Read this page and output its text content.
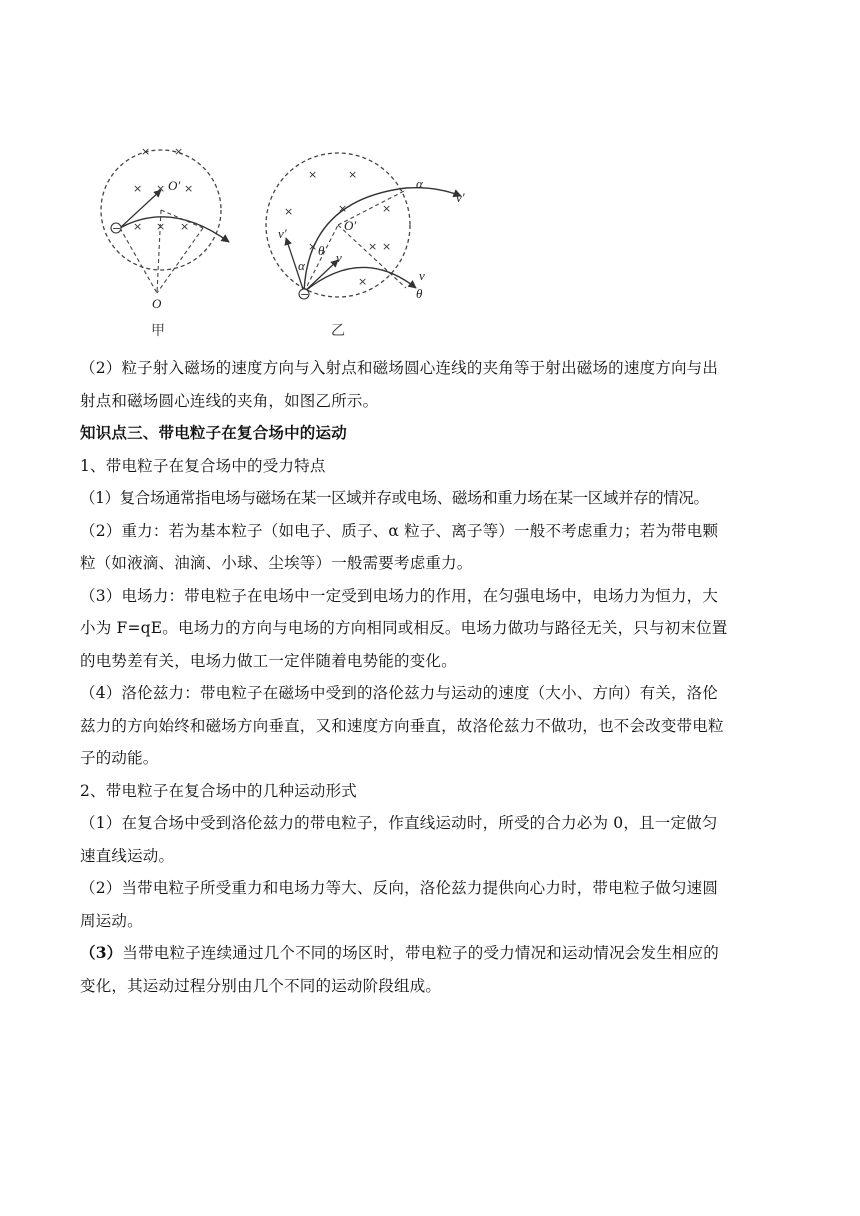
× ×
× × ×
× × ×
−
O′
O
甲
×	×
×	×	×
×	× ×
×
−
O′
α
v′
v′
α
θ v
v
θ
乙
（2）粒子射入磁场的速度方向与入射点和磁场圆心连线的夹角等于射出磁场的速度方向与出
射点和磁场圆心连线的夹角，如图乙所示。
知识点三、带电粒子在复合场中的运动
1、带电粒子在复合场中的受力特点
（1）复合场通常指电场与磁场在某一区域并存或电场、磁场和重力场在某一区域并存的情况。
（2）重力：若为基本粒子（如电子、质子、α 粒子、离子等）一般不考虑重力；若为带电颗
粒（如液滴、油滴、小球、尘埃等）一般需要考虑重力。
（3）电场力：带电粒子在电场中一定受到电场力的作用，在匀强电场中，电场力为恒力，大
小为 F=qE。电场力的方向与电场的方向相同或相反。电场力做功与路径无关，只与初末位置
的电势差有关，电场力做工一定伴随着电势能的变化。
（4）洛伦兹力：带电粒子在磁场中受到的洛伦兹力与运动的速度（大小、方向）有关，洛伦
兹力的方向始终和磁场方向垂直，又和速度方向垂直，故洛伦兹力不做功，也不会改变带电粒
子的动能。
2、带电粒子在复合场中的几种运动形式
（1）在复合场中受到洛伦兹力的带电粒子，作直线运动时，所受的合力必为 0，且一定做匀
速直线运动。
（2）当带电粒子所受重力和电场力等大、反向，洛伦兹力提供向心力时，带电粒子做匀速圆
周运动。
（3）当带电粒子连续通过几个不同的场区时，带电粒子的受力情况和运动情况会发生相应的
变化，其运动过程分别由几个不同的运动阶段组成。
